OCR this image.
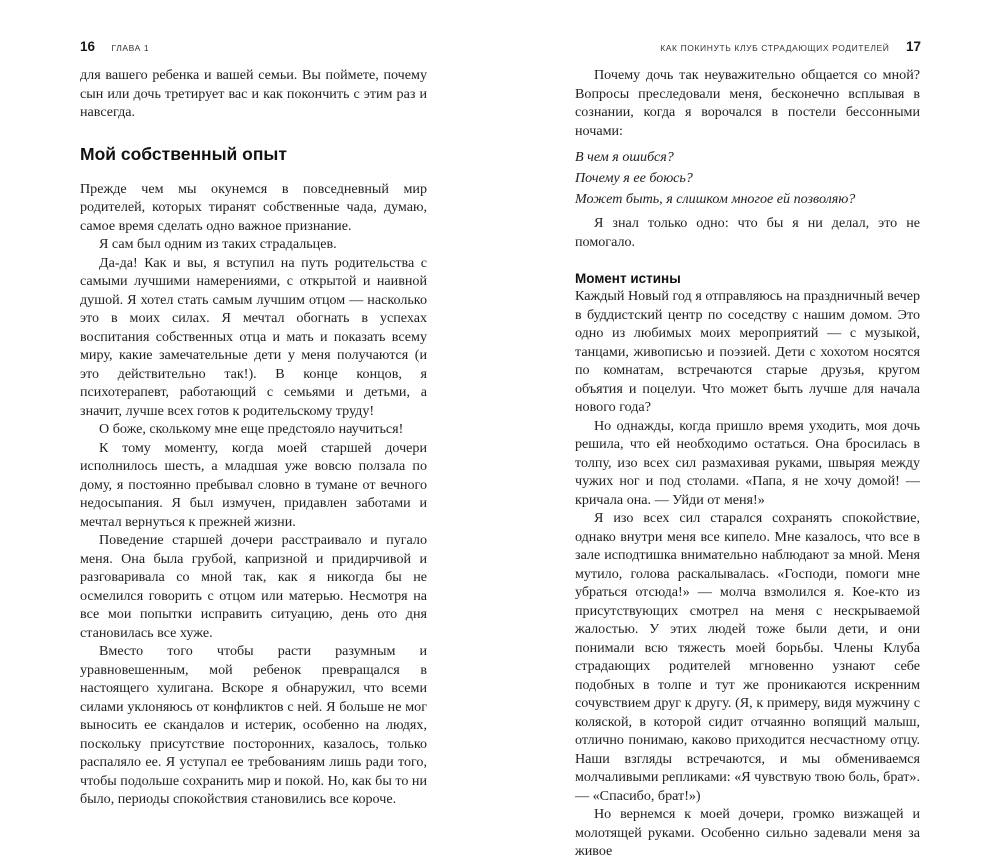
16 ГЛАВА 1

для вашего ребенка и вашей семьи. Вы поймете, почему сын или дочь третирует вас и как покончить с этим раз и навсегда.

Мой собственный опыт

Прежде чем мы окунемся в повседневный мир родителей, которых тиранят собственные чада, думаю, самое время сделать одно важное признание.

Я сам был одним из таких страдальцев.

Да-да! Как и вы, я вступил на путь родительства с самыми лучшими намерениями, с открытой и наивной душой. Я хотел стать самым лучшим отцом — насколько это в моих силах. Я мечтал обогнать в успехах воспитания собственных отца и мать и показать всему миру, какие замечательные дети у меня получаются (и это действительно так!). В конце концов, я психотерапевт, работающий с семьями и детьми, а значит, лучше всех готов к родительскому труду!

О боже, сколькому мне еще предстояло научиться!

К тому моменту, когда моей старшей дочери исполнилось шесть, а младшая уже вовсю ползала по дому, я постоянно пребывал словно в тумане от вечного недосыпания. Я был измучен, придавлен заботами и мечтал вернуться к прежней жизни.

Поведение старшей дочери расстраивало и пугало меня. Она была грубой, капризной и придирчивой и разговаривала со мной так, как я никогда бы не осмелился говорить с отцом или матерью. Несмотря на все мои попытки исправить ситуацию, день ото дня становилась все хуже.

Вместо того чтобы расти разумным и уравновешенным, мой ребенок превращался в настоящего хулигана. Вскоре я обнаружил, что всеми силами уклоняюсь от конфликтов с ней. Я больше не мог выносить ее скандалов и истерик, особенно на людях, поскольку присутствие посторонних, казалось, только распаляло ее. Я уступал ее требованиям лишь ради того, чтобы подольше сохранить мир и покой. Но, как бы то ни было, периоды спокойствия становились все короче.

КАК ПОКИНУТЬ КЛУБ СТРАДАЮЩИХ РОДИТЕЛЕЙ 17

Почему дочь так неуважительно общается со мной? Вопросы преследовали меня, бесконечно всплывая в сознании, когда я ворочался в постели бессонными ночами:

В чем я ошибся?

Почему я ее боюсь?

Может быть, я слишком многое ей позволяю?

Я знал только одно: что бы я ни делал, это не помогало.

Момент истины

Каждый Новый год я отправляюсь на праздничный вечер в буддистский центр по соседству с нашим домом. Это одно из любимых моих мероприятий — с музыкой, танцами, живописью и поэзией. Дети с хохотом носятся по комнатам, встречаются старые друзья, кругом объятия и поцелуи. Что может быть лучше для начала нового года?

Но однажды, когда пришло время уходить, моя дочь решила, что ей необходимо остаться. Она бросилась в толпу, изо всех сил размахивая руками, швыряя между чужих ног и под столами. «Папа, я не хочу домой! — кричала она. — Уйди от меня!»

Я изо всех сил старался сохранять спокойствие, однако внутри меня все кипело. Мне казалось, что все в зале исподтишка внимательно наблюдают за мной. Меня мутило, голова раскалывалась. «Господи, помоги мне убраться отсюда!» — молча взмолился я. Кое-кто из присутствующих смотрел на меня с нескрываемой жалостью. У этих людей тоже были дети, и они понимали всю тяжесть моей борьбы. Члены Клуба страдающих родителей мгновенно узнают себе подобных в толпе и тут же проникаются искренним сочувствием друг к другу. (Я, к примеру, видя мужчину с коляской, в которой сидит отчаянно вопящий малыш, отлично понимаю, каково приходится несчастному отцу. Наши взгляды встречаются, и мы обмениваемся молчаливыми репликами: «Я чувствую твою боль, брат». — «Спасибо, брат!»)

Но вернемся к моей дочери, громко визжащей и молотящей руками. Особенно сильно задевали меня за живое
